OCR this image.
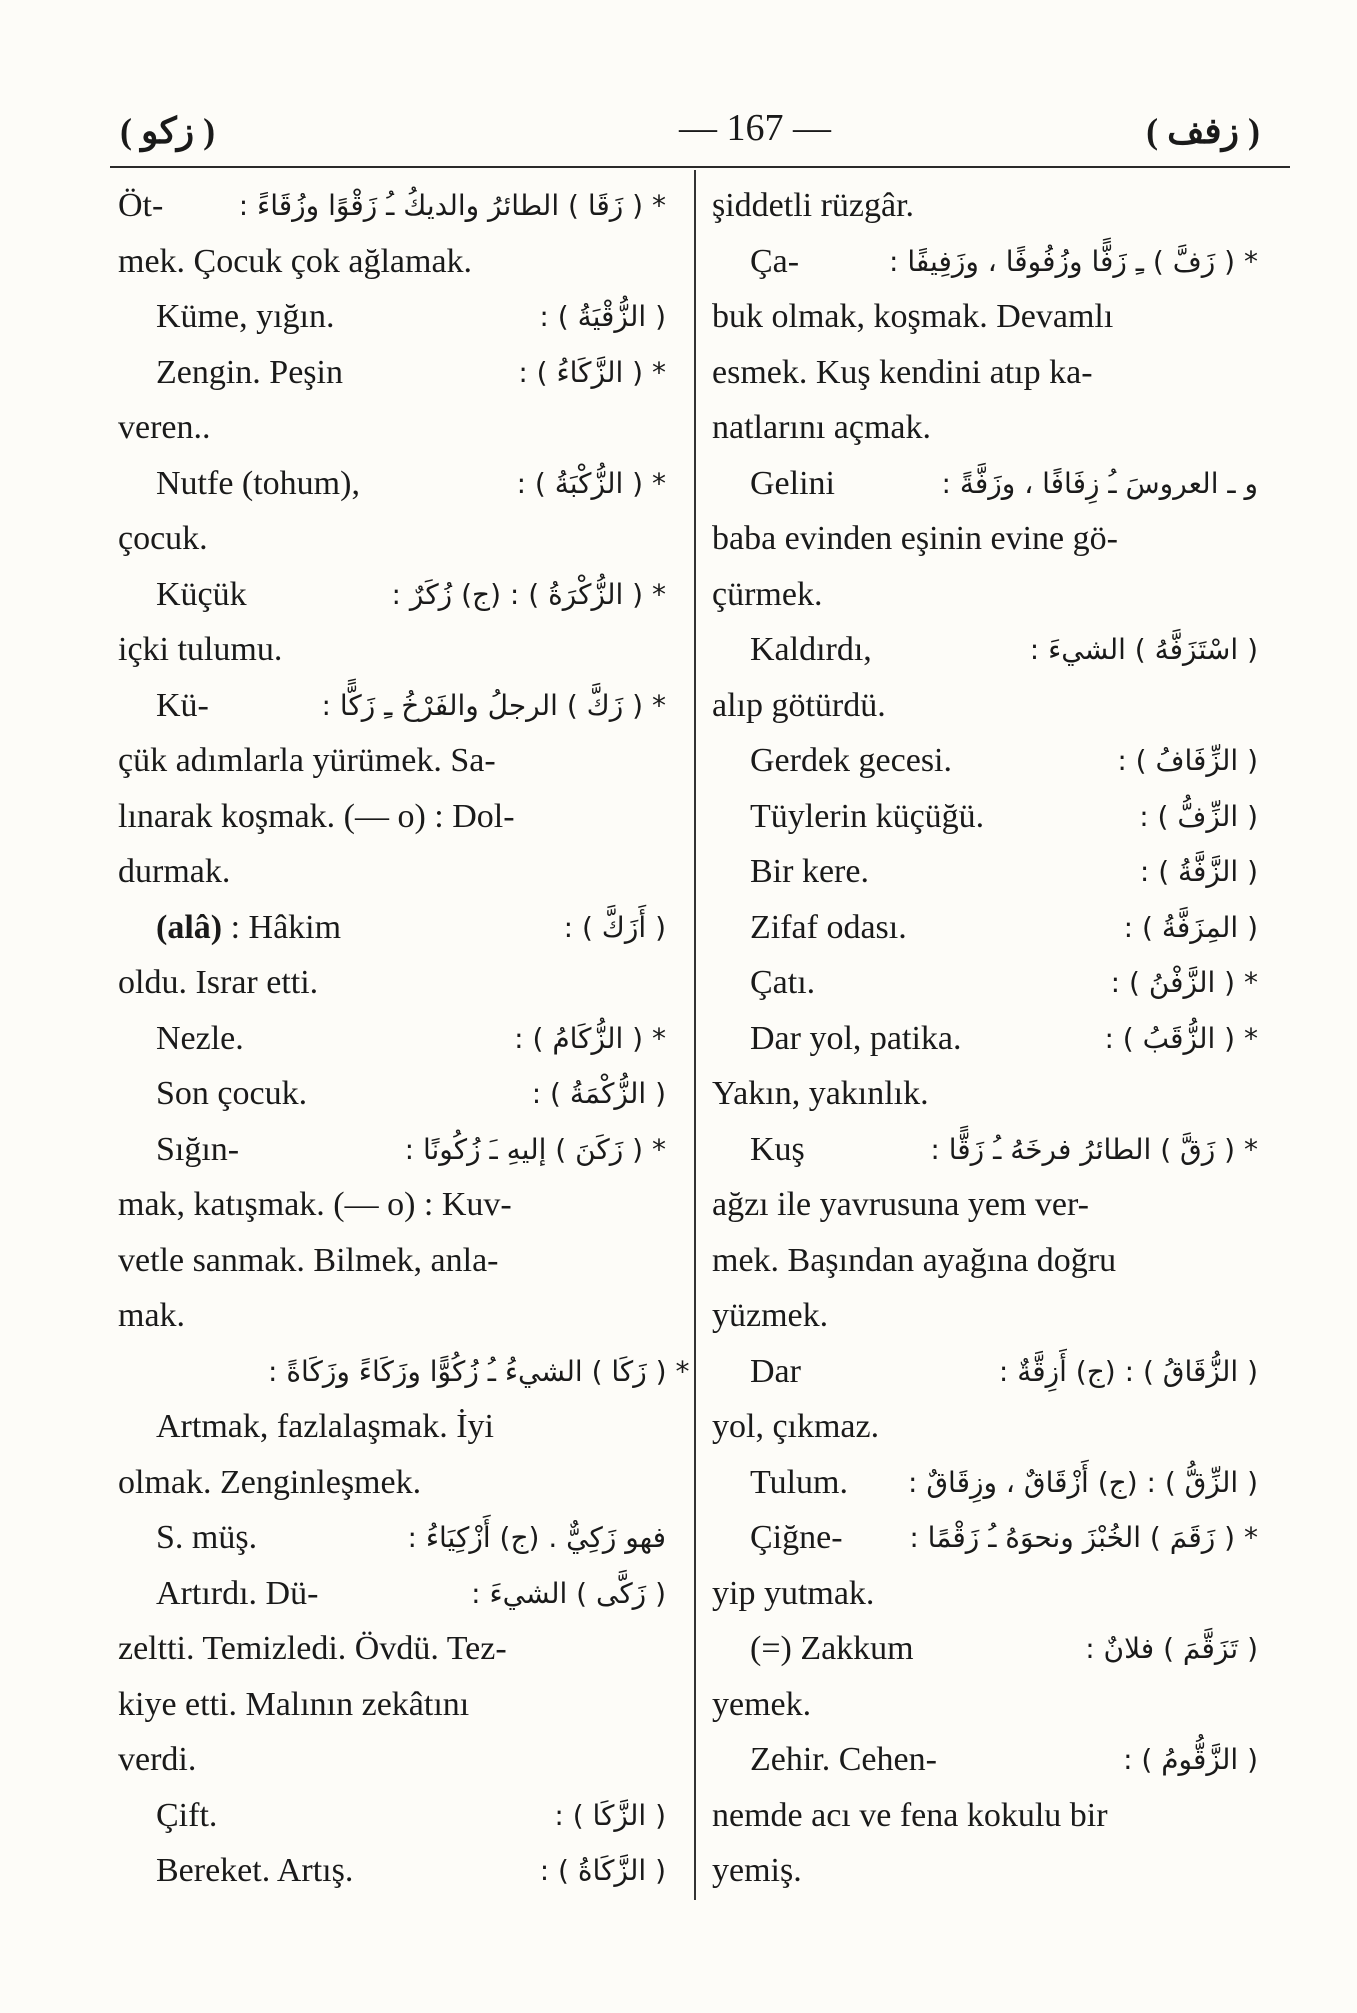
( زكو )	— 167 —	( زفف )
Öt-	* ( زَقَا ) الطائرُ والديكُ ـُ زَقْوًا وزُقَاءً :
mek. Çocuk çok ağlamak.
Küme, yığın.	( الزُّقْيَةُ ) :
Zengin. Peşin	* ( الزَّكَاءُ ) :
veren..
Nutfe (tohum),	* ( الزُّكْبَةُ ) :
çocuk.
Küçük	* ( الزُّكْرَةُ ) : (ج) زُكَرٌ :
içki tulumu.
Kü-	* ( زَكَّ ) الرجلُ والفَرْخُ ـِ زَكًّا :
çük adımlarla yürümek. Sa-
lınarak koşmak. (— o) : Dol-
durmak.
(alâ) : Hâkim	( أَزَكَّ ) :
oldu. Israr etti.
Nezle.	* ( الزُّكَامُ ) :
Son çocuk.	( الزُّكْمَةُ ) :
Sığın-	* ( زَكَنَ ) إليهِ ـَ زُكُونًا :
mak, katışmak. (— o) : Kuv-
vetle sanmak. Bilmek, anla-
mak.
* ( زَكَا ) الشيءُ ـُ زُكُوًّا وزَكَاءً وزَكَاةً :
Artmak, fazlalaşmak. İyi
olmak. Zenginleşmek.
S. müş.	فهو زَكِيٌّ . (ج) أَزْكِيَاءُ :
Artırdı. Dü-	( زَكَّى ) الشيءَ :
zeltti. Temizledi. Övdü. Tez-
kiye etti. Malının zekâtını
verdi.
Çift.	( الزَّكَا ) :
Bereket. Artış.	( الزَّكَاةُ ) :
şiddetli rüzgâr.
Ça-	* ( زَفَّ ) ـِ زَفًّا وزُفُوفًا ، وزَفِيفًا :
buk olmak, koşmak. Devamlı
esmek. Kuş kendini atıp ka-
natlarını açmak.
Gelini	و ـ العروسَ ـُ زِفَافًا ، وزَفَّةً :
baba evinden eşinin evine gö-
çürmek.
Kaldırdı,	( اسْتَزَفَّهُ ) الشيءَ :
alıp götürdü.
Gerdek gecesi.	( الزِّفَافُ ) :
Tüylerin küçüğü.	( الزِّفُّ ) :
Bir kere.	( الزَّفَّةُ ) :
Zifaf odası.	( المِزَفَّةُ ) :
Çatı.	* ( الزَّفْنُ ) :
Dar yol, patika.	* ( الزُّقَبُ ) :
Yakın, yakınlık.
Kuş	* ( زَقَّ ) الطائرُ فرخَهُ ـُ زَقًّا :
ağzı ile yavrusuna yem ver-
mek. Başından ayağına doğru
yüzmek.
Dar	( الزُّقَاقُ ) : (ج) أَزِقَّةٌ :
yol, çıkmaz.
Tulum. ( الزِّقُّ ) : (ج) أَزْقَاقٌ ، وزِقَاقٌ :
Çiğne- * ( زَقَمَ ) الخُبْزَ ونحوَهُ ـُ زَقْمًا :
yip yutmak.
(=) Zakkum	( تَزَقَّمَ ) فلانٌ :
yemek.
Zehir. Cehen-	( الزَّقُّومُ ) :
nemde acı ve fena kokulu bir
yemiş.
